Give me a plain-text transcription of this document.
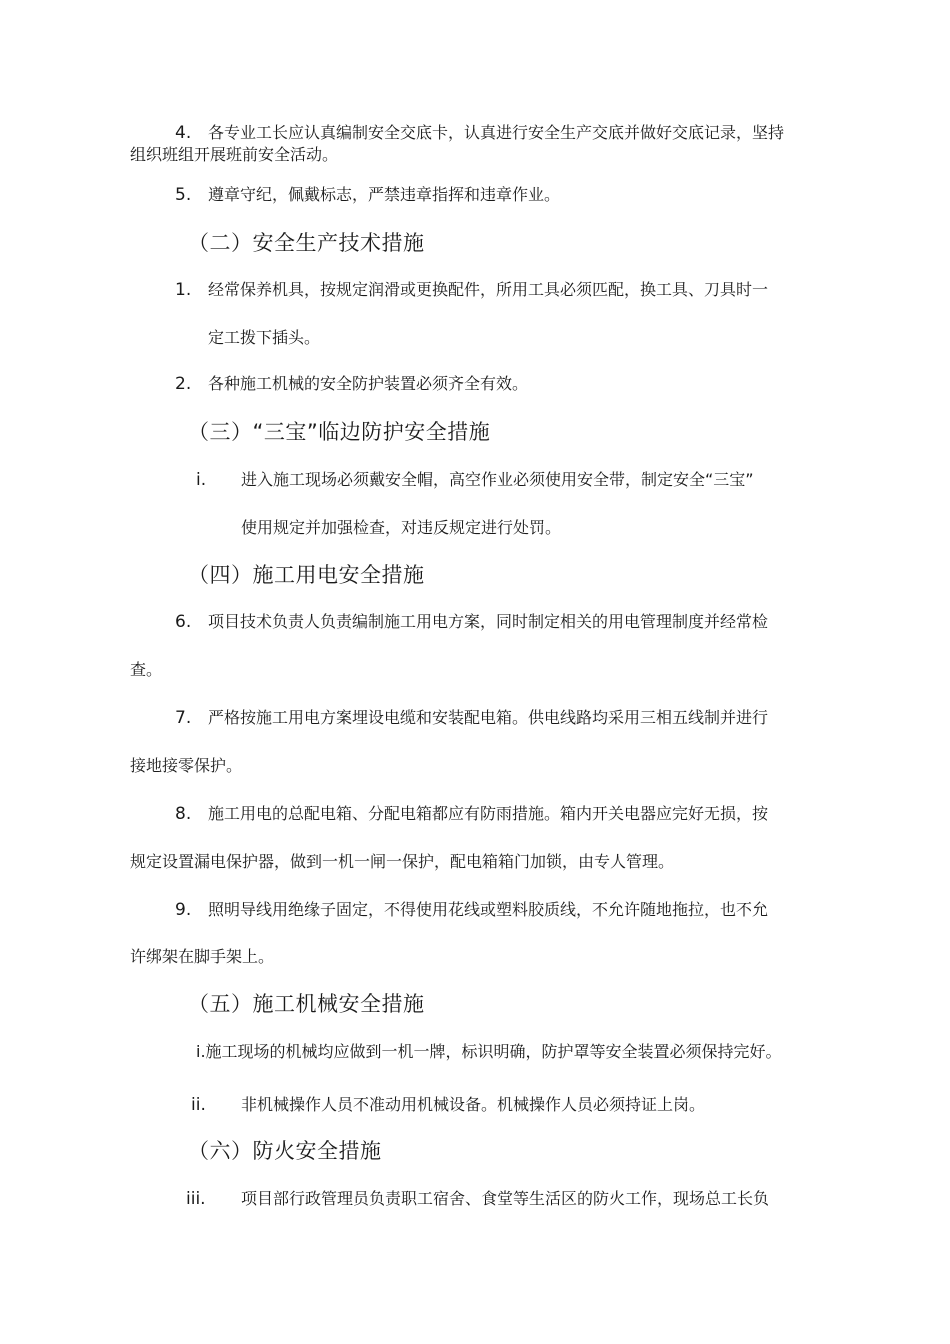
4. 各专业工长应认真编制安全交底卡，认真进行安全生产交底并做好交底记录，坚持
组织班组开展班前安全活动。
5. 遵章守纪，佩戴标志，严禁违章指挥和违章作业。
（二）安全生产技术措施
1. 经常保养机具，按规定润滑或更换配件，所用工具必须匹配，换工具、刀具时一
定工拨下插头。
2. 各种施工机械的安全防护装置必须齐全有效。
（三）“三宝”临边防护安全措施
i. 进入施工现场必须戴安全帽，高空作业必须使用安全带，制定安全“三宝”
使用规定并加强检查，对违反规定进行处罚。
（四）施工用电安全措施
6. 项目技术负责人负责编制施工用电方案，同时制定相关的用电管理制度并经常检
查。
7. 严格按施工用电方案埋设电缆和安装配电箱。供电线路均采用三相五线制并进行
接地接零保护。
8. 施工用电的总配电箱、分配电箱都应有防雨措施。箱内开关电器应完好无损，按
规定设置漏电保护器，做到一机一闸一保护，配电箱箱门加锁，由专人管理。
9. 照明导线用绝缘子固定，不得使用花线或塑料胶质线，不允许随地拖拉，也不允
许绑架在脚手架上。
（五）施工机械安全措施
i.施工现场的机械均应做到一机一牌，标识明确，防护罩等安全装置必须保持完好。
ii. 非机械操作人员不准动用机械设备。机械操作人员必须持证上岗。
（六）防火安全措施
iii. 项目部行政管理员负责职工宿舍、食堂等生活区的防火工作，现场总工长负
